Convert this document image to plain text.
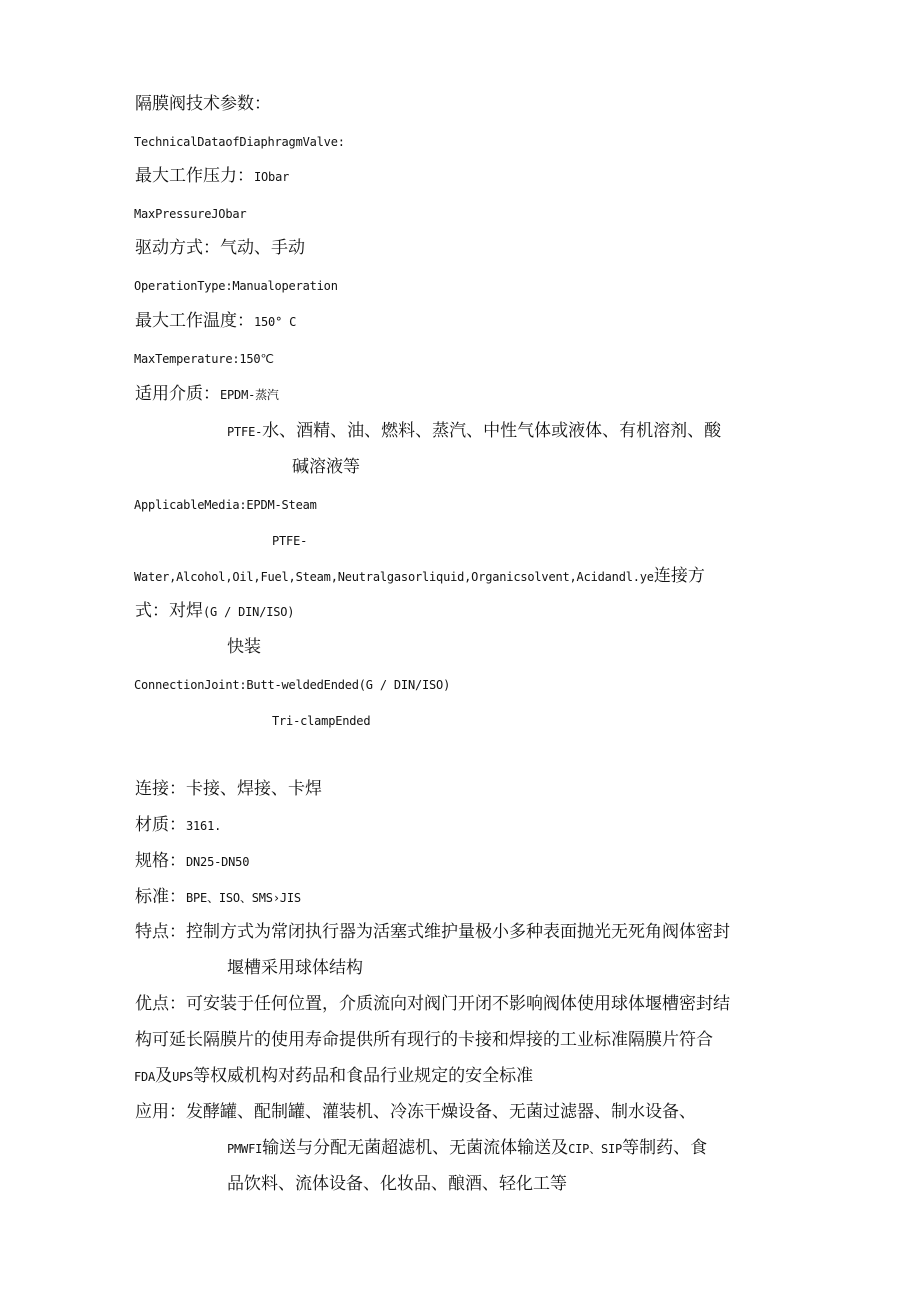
隔膜阀技术参数：
TechnicalDataofDiaphragmValve:
最大工作压力：IObar
MaxPressureJObar
驱动方式：气动、手动
OperationType:Manualoperation
最大工作温度：150° C
MaxTemperature:150℃
适用介质：EPDM-蒸汽
PTFE-水、酒精、油、燃料、蒸汽、中性气体或液体、有机溶剂、酸
碱溶液等
ApplicableMedia:EPDM-Steam
PTFE-
Water,Alcohol,Oil,Fuel,Steam,Neutralgasorliquid,Organicsolvent,Acidandl.ye连接方
式：对焊(G / DIN/ISO)
快装
ConnectionJoint:Butt-weldedEnded(G / DIN/ISO)
Tri-clampEnded
连接：卡接、焊接、卡焊
材质：3161.
规格：DN25-DN50
标准：BPE、ISO、SMS›JIS
特点：控制方式为常闭执行器为活塞式维护量极小多种表面抛光无死角阀体密封
堰槽采用球体结构
优点：可安装于任何位置，介质流向对阀门开闭不影响阀体使用球体堰槽密封结
构可延长隔膜片的使用寿命提供所有现行的卡接和焊接的工业标准隔膜片符合
FDA及UPS等权威机构对药品和食品行业规定的安全标准
应用：发酵罐、配制罐、灌装机、冷冻干燥设备、无菌过滤器、制水设备、
PMWFI输送与分配无菌超滤机、无菌流体输送及CIP、SIP等制药、食
品饮料、流体设备、化妆品、酿酒、轻化工等
